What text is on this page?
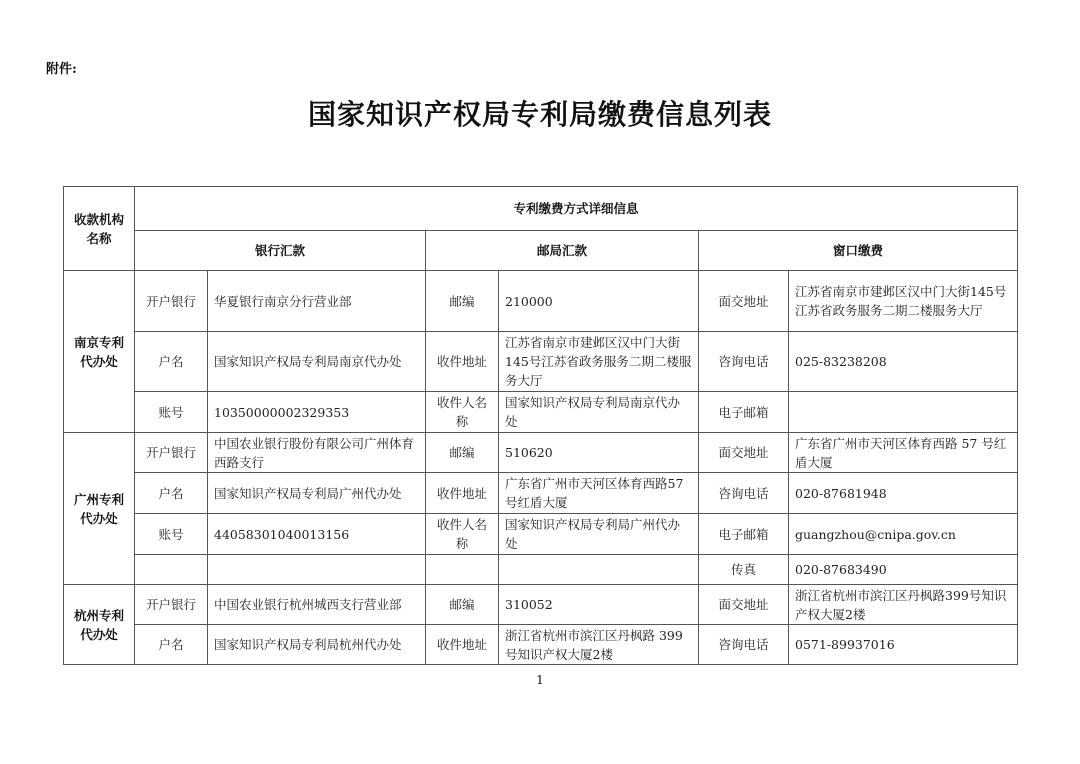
附件:
国家知识产权局专利局缴费信息列表
收款机构名称	专利缴费方式详细信息					
	银行汇款		邮局汇款		窗口缴费	
南京专利代办处	开户银行	华夏银行南京分行营业部	邮编	210000	面交地址	江苏省南京市建邺区汉中门大街145号江苏省政务服务二期二楼服务大厅
	户名	国家知识产权局专利局南京代办处	收件地址	江苏省南京市建邺区汉中门大街145号江苏省政务服务二期二楼服务大厅	咨询电话	025-83238208
	账号	10350000002329353	收件人名称	国家知识产权局专利局南京代办处	电子邮箱	
广州专利代办处	开户银行	中国农业银行股份有限公司广州体育西路支行	邮编	510620	面交地址	广东省广州市天河区体育西路 57 号红盾大厦
	户名	国家知识产权局专利局广州代办处	收件地址	广东省广州市天河区体育西路57 号红盾大厦	咨询电话	020-87681948
	账号	44058301040013156	收件人名称	国家知识产权局专利局广州代办处	电子邮箱	guangzhou@cnipa.gov.cn
					传真	020-87683490
杭州专利代办处	开户银行	中国农业银行杭州城西支行营业部	邮编	310052	面交地址	浙江省杭州市滨江区丹枫路399号知识产权大厦2楼
	户名	国家知识产权局专利局杭州代办处	收件地址	浙江省杭州市滨江区丹枫路 399号知识产权大厦2楼	咨询电话	0571-89937016
1
